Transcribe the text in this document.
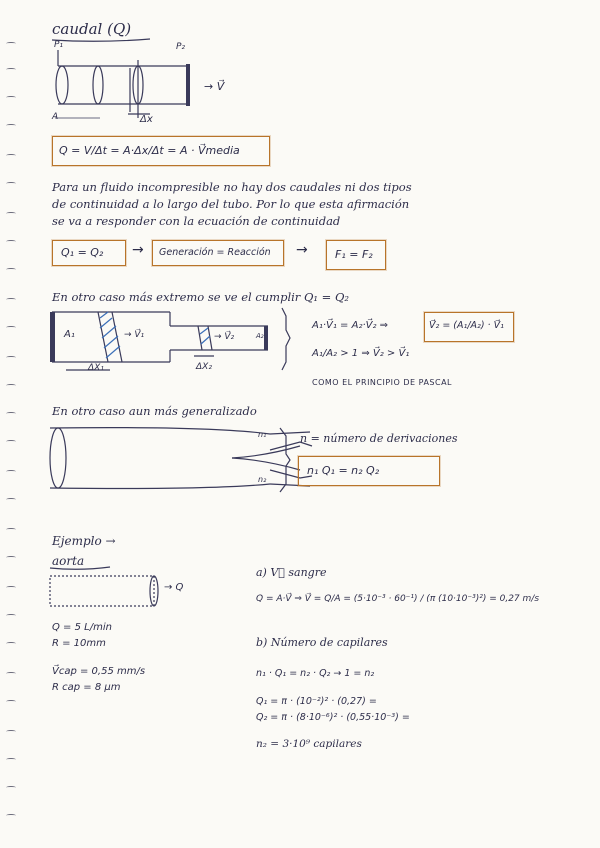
caudal (Q)
P₁	P₂
A	Δx
→ V⃗
Q = V/Δt = A·Δx/Δt = A · V⃗media
Para un fluido incompresible no hay dos caudales ni dos tipos
de continuidad a lo largo del tubo. Por lo que esta afirmación
se va a responder con la ecuación de continuidad
Q₁ = Q₂ → Generación = Reacción → F₁ = F₂
En otro caso más extremo se ve el cumplir Q₁ = Q₂
A₁	→ V⃗₁	→ V⃗₂	A₂
ΔX₁	ΔX₂
A₁·V⃗₁ = A₂·V⃗₂ ⇒	V⃗₂ = (A₁/A₂) · V⃗₁
A₁/A₂ > 1 ⇒ V⃗₂ > V⃗₁
COMO EL PRINCIPIO DE PASCAL
En otro caso aun más generalizado
n₁
n₂
n = número de derivaciones
n₁ Q₁ = n₂ Q₂
Ejemplo →
aorta
→ Q
Q = 5 L/min
R = 10mm
V⃗cap = 0,55 mm/s
R cap = 8 μm
a) V⃗ sangre
Q = A·V⃗ ⇒ V⃗ = Q/A = (5·10⁻³ · 60⁻¹) / (π (10·10⁻³)²) = 0,27 m/s
b) Número de capilares
n₁ · Q₁ = n₂ · Q₂ → 1 = n₂
Q₁ = π · (10⁻²)² · (0,27) =
Q₂ = π · (8·10⁻⁶)² · (0,55·10⁻³) =
n₂ = 3·10⁹ capilares
